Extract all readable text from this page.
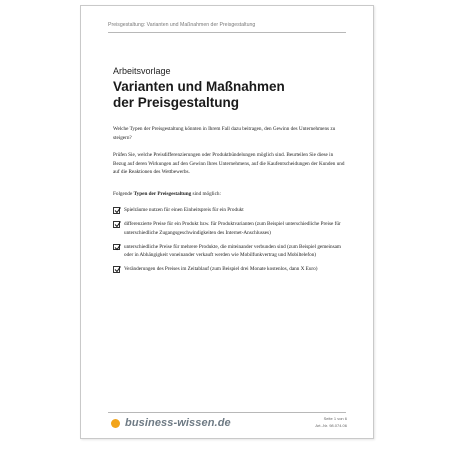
Preisgestaltung: Varianten und Maßnahmen der Preisgestaltung
Arbeitsvorlage
Varianten und Maßnahmen
der Preisgestaltung
Welche Typen der Preisgestaltung könnten in Ihrem Fall dazu beitragen, den Gewinn des Unternehmens zu steigern?
Prüfen Sie, welche Preisdifferenzierungen oder Produktbündelungen möglich sind. Beurteilen Sie diese in Bezug auf deren Wirkungen auf den Gewinn Ihres Unternehmens, auf die Kaufentscheidungen der Kunden und auf die Reaktionen des Wettbewerbs.
Folgende Typen der Preisgestaltung sind möglich:
Spielräume nutzen für einen Einheitspreis für ein Produkt
differenzierte Preise für ein Produkt bzw. für Produktvarianten (zum Beispiel unterschiedliche Preise für unterschiedliche Zugangsgeschwindigkeiten des Internet-Anschlusses)
unterschiedliche Preise für mehrere Produkte, die miteinander verbunden sind (zum Beispiel gemeinsam oder in Abhängigkeit voneinander verkauft werden wie Mobilfunkvertrag und Mobiltelefon)
Veränderungen des Preises im Zeitablauf (zum Beispiel drei Monate kostenlos, dann X Euro)
business-wissen.de	Seite 1 von 6
Art.-Nr. 98.074.06
